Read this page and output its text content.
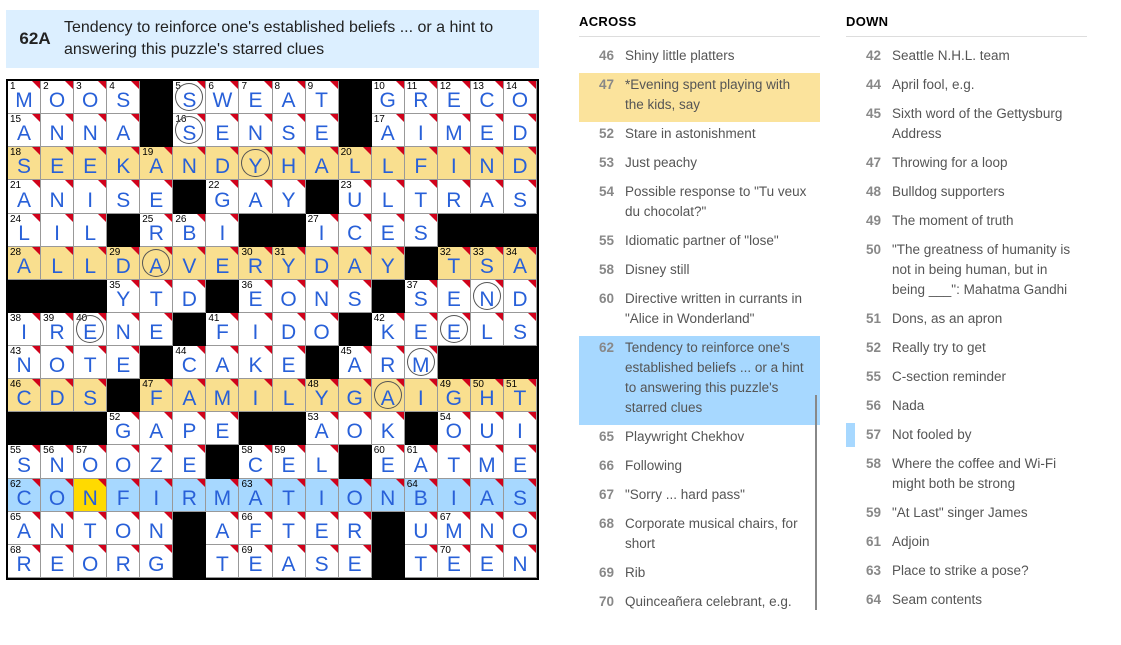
62A
Tendency to reinforce one's established beliefs ... or a hint to answering this puzzle's starred clues
1
M
2
O
3
O
4
S
5
S
6
W
7
E
8
A
9
T
10
G
11
R
12
E
13
C
14
O
15
A N N A
16
S E N S E
17
A	I	M E D
18
S E E K
19
A N D Y H A
20
L	L F	I	N D
21
A N	I	S E
22
G A Y
23
U L T R A S
24
L	I	L
25
R
26
B	I
27
I	C E S
28
A L	L
29
D A V E
30
R
31
Y D A Y
32
T
33
S
34
A
35
Y T D
36
E O N S
37
S E N D
38
I
39
R
40
E N E
41
F	I	D O
42
K E E L S
43
N O T E
44
C A K E
45
A R M
46
C D S
47
F A M	I	L
48
Y G A	I
49
G
50
H
51
T
52
G A P E
53
A O K
54
O U	I
55
S
56
N
57
O O Z E
58
C
59
E L
60
E
61
A T M E
62
C O N F	I	R M
63
A T	I	O N
64
B	I	A S
65
A N T O N	A
66
F T E R	U
67
M N O
68
R E O R G	T
69
E A S E	T
70
E E N
ACROSS
46 Shiny little platters
47 *Evening spent playing with the kids, say
52 Stare in astonishment
53 Just peachy
54 Possible response to "Tu veux du chocolat?"
55 Idiomatic partner of "lose"
58 Disney still
60 Directive written in currants in "Alice in Wonderland"
62 Tendency to reinforce one's established beliefs ... or a hint to answering this puzzle's starred clues
65 Playwright Chekhov
66 Following
67 "Sorry ... hard pass"
68 Corporate musical chairs, for short
69 Rib
70 Quinceañera celebrant, e.g.
DOWN
42 Seattle N.H.L. team
44 April fool, e.g.
45 Sixth word of the Gettysburg Address
47 Throwing for a loop
48 Bulldog supporters
49 The moment of truth
50 "The greatness of humanity is not in being human, but in being ___": Mahatma Gandhi
51 Dons, as an apron
52 Really try to get
55 C-section reminder
56 Nada
57 Not fooled by
58 Where the coffee and Wi-Fi might both be strong
59 "At Last" singer James
61 Adjoin
63 Place to strike a pose?
64 Seam contents
